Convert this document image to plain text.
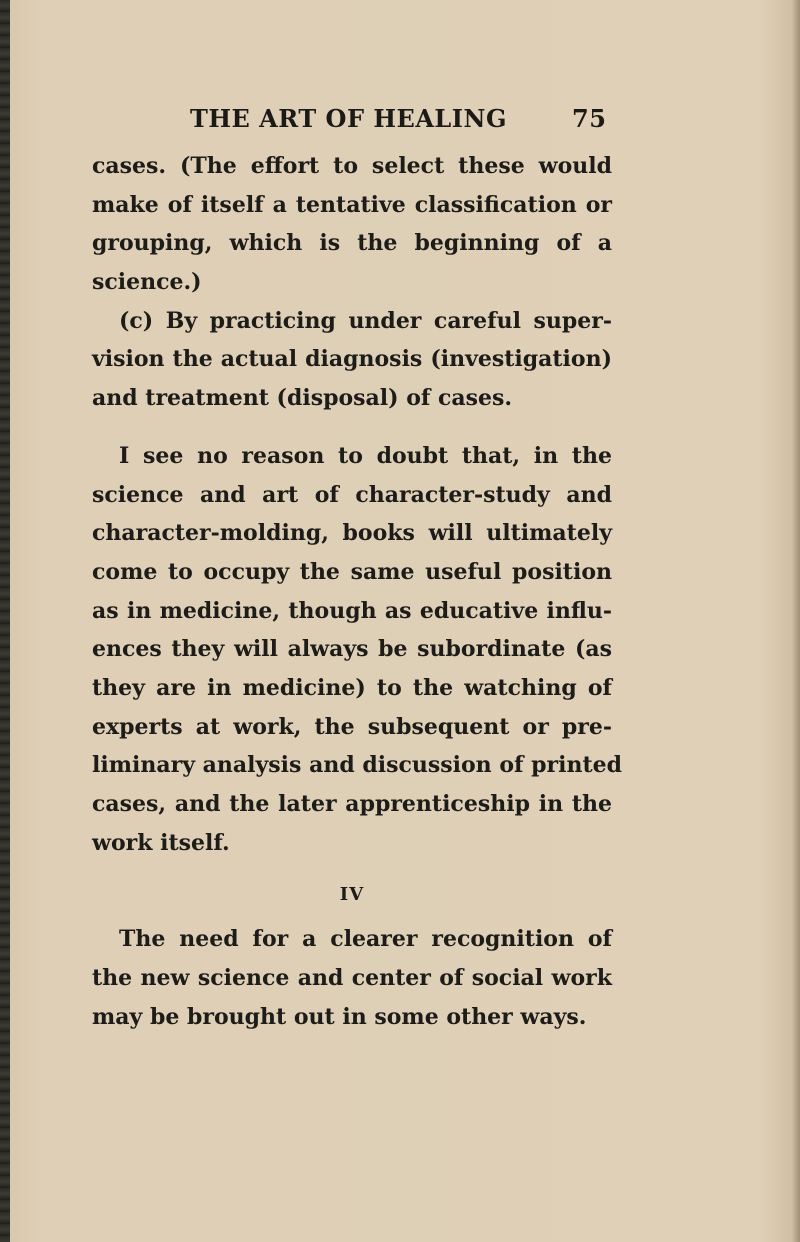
THE ART OF HEALING	75
cases. (The effort to select these would
make of itself a tentative classification or
grouping, which is the beginning of a
science.)
(c) By practicing under careful super-
vision the actual diagnosis (investigation)
and treatment (disposal) of cases.
I see no reason to doubt that, in the
science and art of character-study and
character-molding, books will ultimately
come to occupy the same useful position
as in medicine, though as educative influ-
ences they will always be subordinate (as
they are in medicine) to the watching of
experts at work, the subsequent or pre-
liminary analysis and discussion of printed
cases, and the later apprenticeship in the
work itself.
IV
The need for a clearer recognition of
the new science and center of social work
may be brought out in some other ways.
